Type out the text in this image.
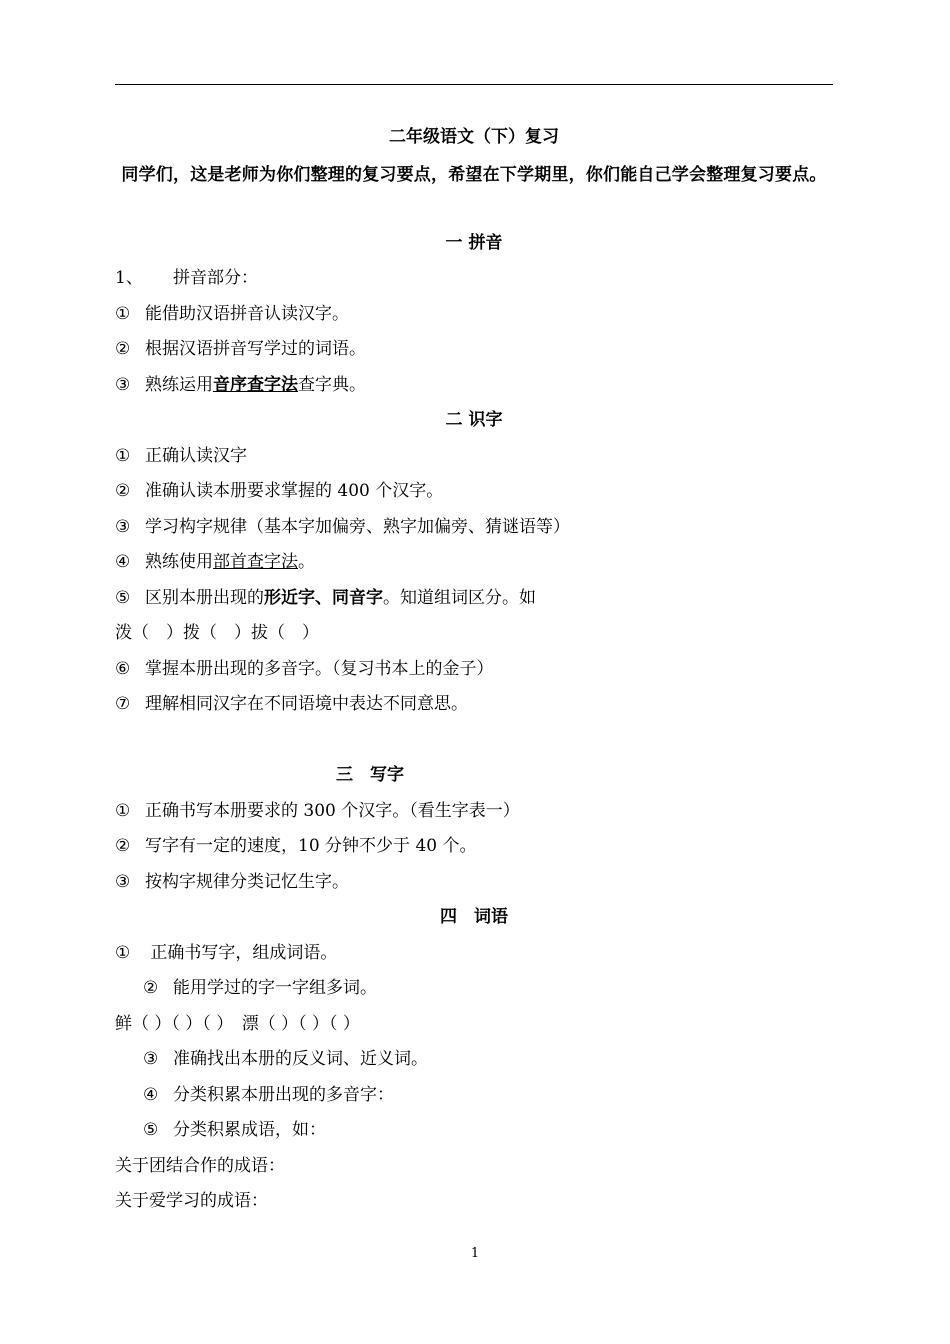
二年级语文（下）复习
同学们，这是老师为你们整理的复习要点，希望在下学期里，你们能自己学会整理复习要点。
一 拼音
1、 拼音部分：
① 能借助汉语拼音认读汉字。
② 根据汉语拼音写学过的词语。
③ 熟练运用音序查字法查字典。
二 识字
① 正确认读汉字
② 准确认读本册要求掌握的 400 个汉字。
③ 学习构字规律（基本字加偏旁、熟字加偏旁、猜谜语等）
④ 熟练使用部首查字法。
⑤ 区别本册出现的形近字、同音字。知道组词区分。如
泼（　）拨（　）拔（　）
⑥ 掌握本册出现的多音字。（复习书本上的金子）
⑦ 理解相同汉字在不同语境中表达不同意思。
三　写字
① 正确书写本册要求的 300 个汉字。（看生字表一）
② 写字有一定的速度，10 分钟不少于 40 个。
③ 按构字规律分类记忆生字。
四　词语
① 正确书写字，组成词语。
② 能用学过的字一字组多词。
鲜（ ）（ ）（ ）　漂（ ）（ ）（ ）
③ 准确找出本册的反义词、近义词。
④ 分类积累本册出现的多音字：
⑤ 分类积累成语，如：
关于团结合作的成语：
关于爱学习的成语：
1
